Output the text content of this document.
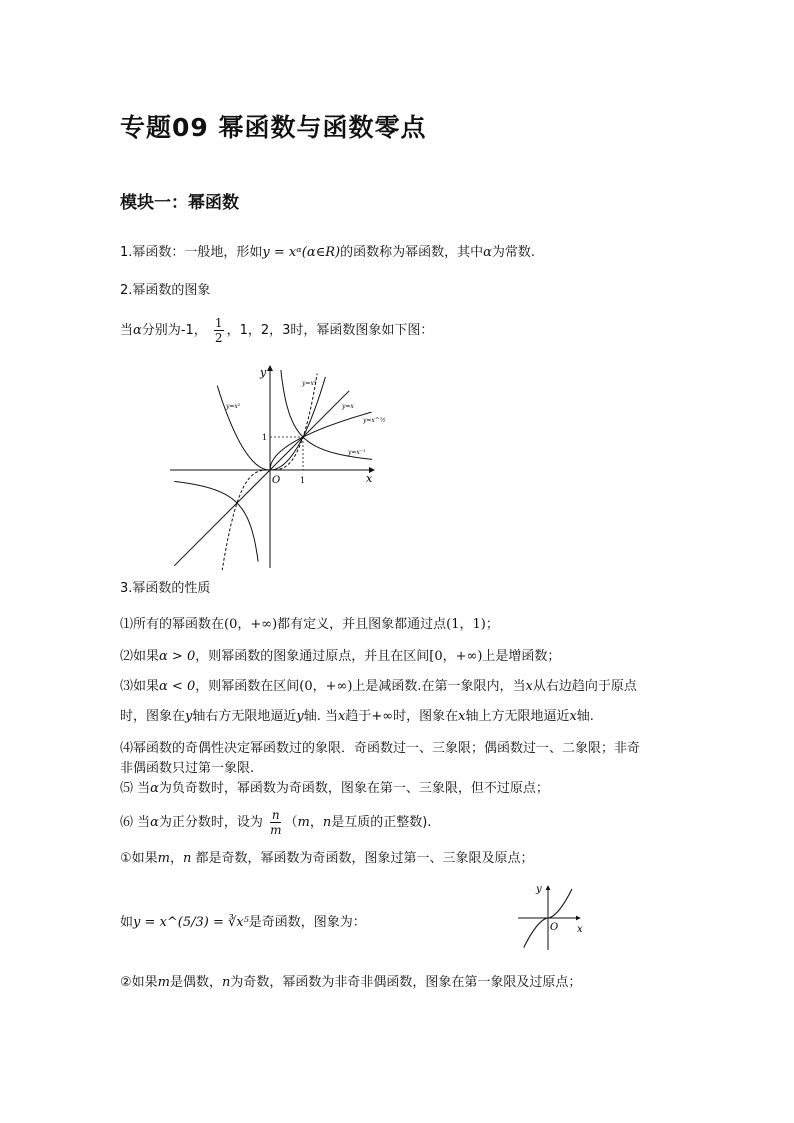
专题09 幂函数与函数零点
模块一：幂函数
1.幂函数：一般地，形如y = xᵅ(α∈R)的函数称为幂函数，其中α为常数.
2.幂函数的图象
当α分别为-1， $\frac{1}{2}$ ，1，2，3时，幂函数图象如下图：
y
x
O 1
1
y=x²
y=x³
y=x
y=x^½
y=x⁻¹
3.幂函数的性质
⑴所有的幂函数在(0，+∞)都有定义，并且图象都通过点(1，1)；
⑵如果α > 0，则幂函数的图象通过原点，并且在区间[0，+∞)上是增函数；
⑶如果α < 0，则幂函数在区间(0，+∞)上是减函数.在第一象限内，当x从右边趋向于原点
时，图象在y轴右方无限地逼近y轴. 当x趋于+∞时，图象在x轴上方无限地逼近x轴.
⑷幂函数的奇偶性决定幂函数过的象限．奇函数过一、三象限；偶函数过一、二象限；非奇
非偶函数只过第一象限.
⑸ 当α为负奇数时，幂函数为奇函数，图象在第一、三象限，但不过原点；
⑹ 当α为正分数时，设为 $\frac{n}{m} (m$，n是互质的正整数).
①如果m，n 都是奇数，幂函数为奇函数，图象过第一、三象限及原点；
如y = x^(5/3) = ∛x⁵是奇函数，图象为：
y
x
O
②如果m是偶数，n为奇数，幂函数为非奇非偶函数，图象在第一象限及过原点；
